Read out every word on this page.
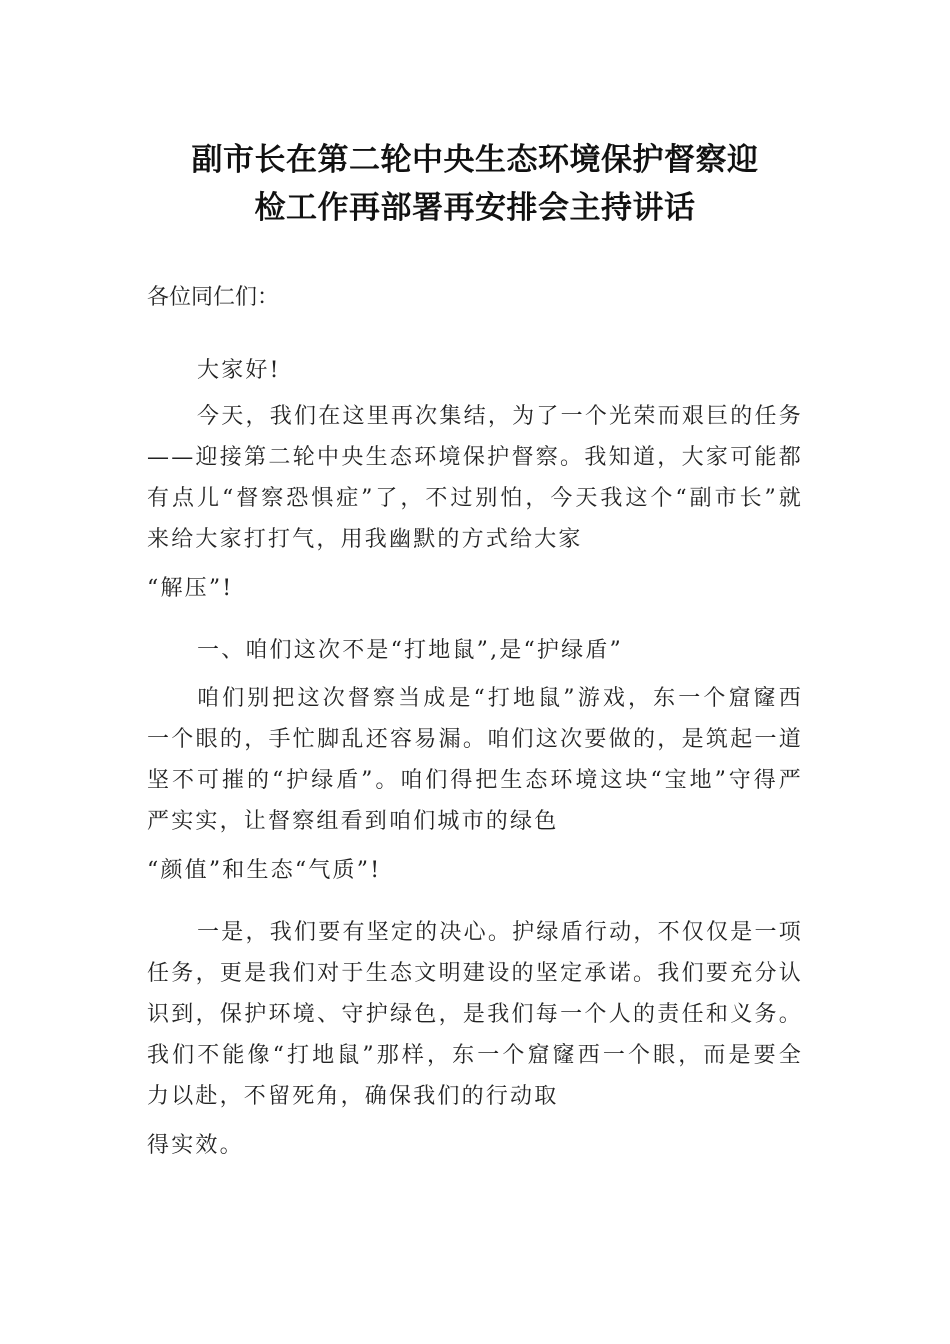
副市长在第二轮中央生态环境保护督察迎
检工作再部署再安排会主持讲话
各位同仁们：

大家好!

今天，我们在这里再次集结，为了一个光荣而艰巨的任务——迎接第二轮中央生态环境保护督察。我知道，大家可能都有点儿“督察恐惧症”了，不过别怕，今天我这个“副市长”就来给大家打打气，用我幽默的方式给大家
“解压”!

一、咱们这次不是“打地鼠”,是“护绿盾”

咱们别把这次督察当成是“打地鼠”游戏，东一个窟窿西一个眼的，手忙脚乱还容易漏。咱们这次要做的，是筑起一道坚不可摧的“护绿盾”。咱们得把生态环境这块“宝地”守得严严实实，让督察组看到咱们城市的绿色
“颜值”和生态“气质”!

一是，我们要有坚定的决心。护绿盾行动，不仅仅是一项任务，更是我们对于生态文明建设的坚定承诺。我们要充分认识到，保护环境、守护绿色，是我们每一个人的责任和义务。我们不能像“打地鼠”那样，东一个窟窿西一个眼，而是要全力以赴，不留死角，确保我们的行动取
得实效。
